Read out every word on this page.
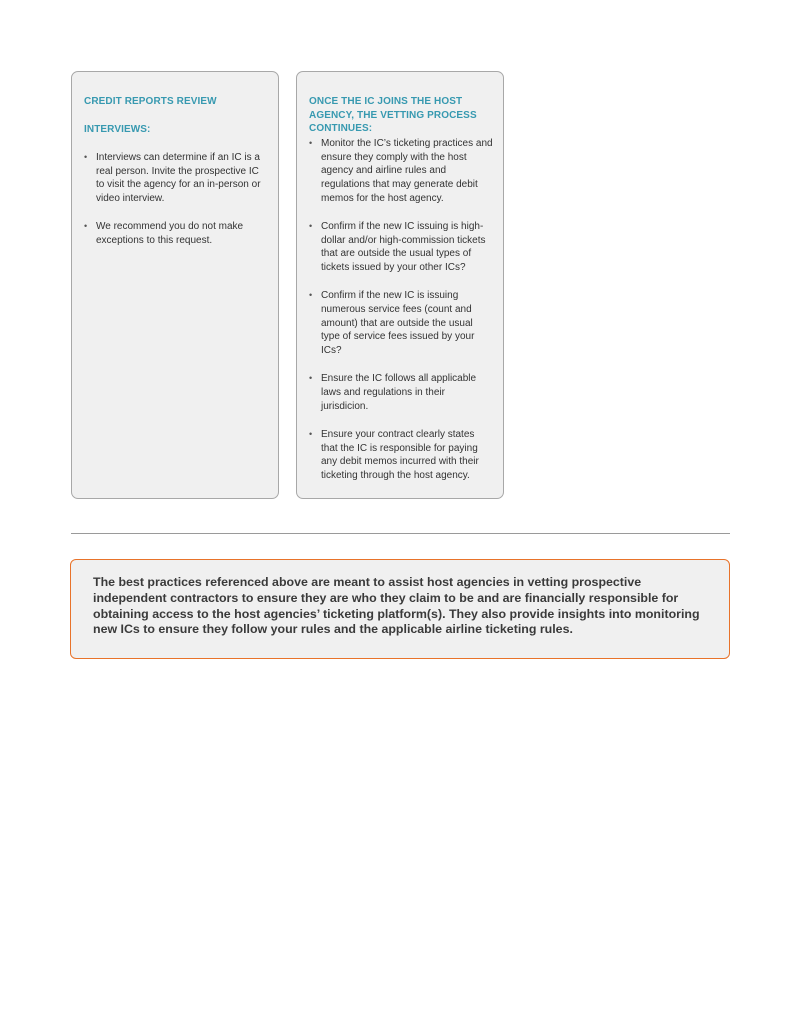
CREDIT REPORTS REVIEW
INTERVIEWS:
• Interviews can determine if an IC is a real person. Invite the prospective IC to visit the agency for an in-person or video interview.
• We recommend you do not make exceptions to this request.
ONCE THE IC JOINS THE HOST AGENCY, THE VETTING PROCESS CONTINUES:
• Monitor the IC’s ticketing practices and ensure they comply with the host agency and airline rules and regulations that may generate debit memos for the host agency.
• Confirm if the new IC issuing is high-dollar and/or high-commission tickets that are outside the usual types of tickets issued by your other ICs?
• Confirm if the new IC is issuing numerous service fees (count and amount) that are outside the usual type of service fees issued by your ICs?
• Ensure the IC follows all applicable laws and regulations in their jurisdicion.
• Ensure your contract clearly states that the IC is responsible for paying any debit memos incurred with their ticketing through the host agency.

The best practices referenced above are meant to assist host agencies in vetting prospective independent contractors to ensure they are who they claim to be and are financially responsible for obtaining access to the host agencies’ ticketing platform(s). They also provide insights into monitoring new ICs to ensure they follow your rules and the applicable airline ticketing rules.
